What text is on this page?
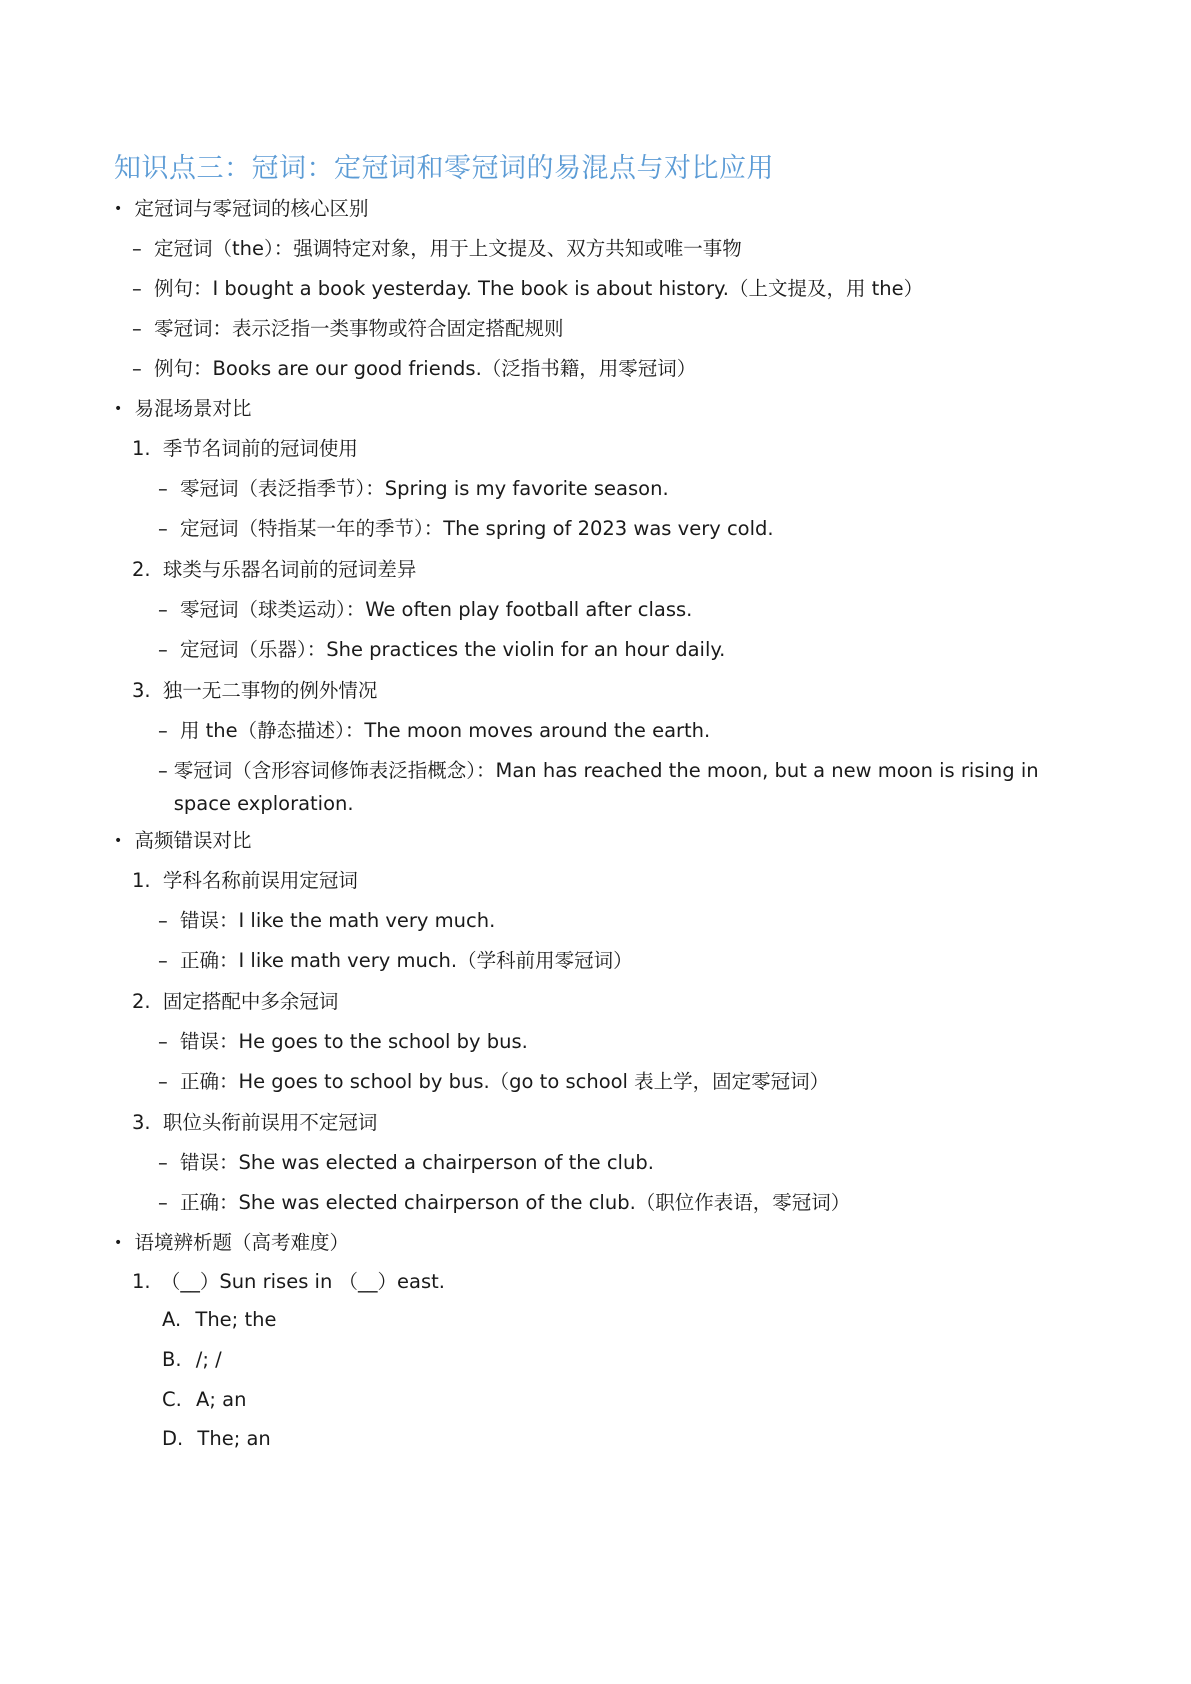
知识点三：冠词：定冠词和零冠词的易混点与对比应用
• 定冠词与零冠词的核心区别
– 定冠词（the）：强调特定对象，用于上文提及、双方共知或唯一事物
– 例句：I bought a book yesterday. The book is about history.（上文提及，用 the）
– 零冠词：表示泛指一类事物或符合固定搭配规则
– 例句：Books are our good friends.（泛指书籍，用零冠词）
• 易混场景对比
1. 季节名词前的冠词使用
– 零冠词（表泛指季节）：Spring is my favorite season.
– 定冠词（特指某一年的季节）：The spring of 2023 was very cold.
2. 球类与乐器名词前的冠词差异
– 零冠词（球类运动）：We often play football after class.
– 定冠词（乐器）：She practices the violin for an hour daily.
3. 独一无二事物的例外情况
– 用 the（静态描述）：The moon moves around the earth.
– 零冠词（含形容词修饰表泛指概念）：Man has reached the moon, but a new moon is rising in space exploration.
• 高频错误对比
1. 学科名称前误用定冠词
– 错误：I like the math very much.
– 正确：I like math very much.（学科前用零冠词）
2. 固定搭配中多余冠词
– 错误：He goes to the school by bus.
– 正确：He goes to school by bus.（go to school 表上学，固定零冠词）
3. 职位头衔前误用不定冠词
– 错误：She was elected a chairperson of the club.
– 正确：She was elected chairperson of the club.（职位作表语，零冠词）
• 语境辨析题（高考难度）
1. （__）Sun rises in （__）east.
A. The; the
B. /; /
C. A; an
D. The; an
